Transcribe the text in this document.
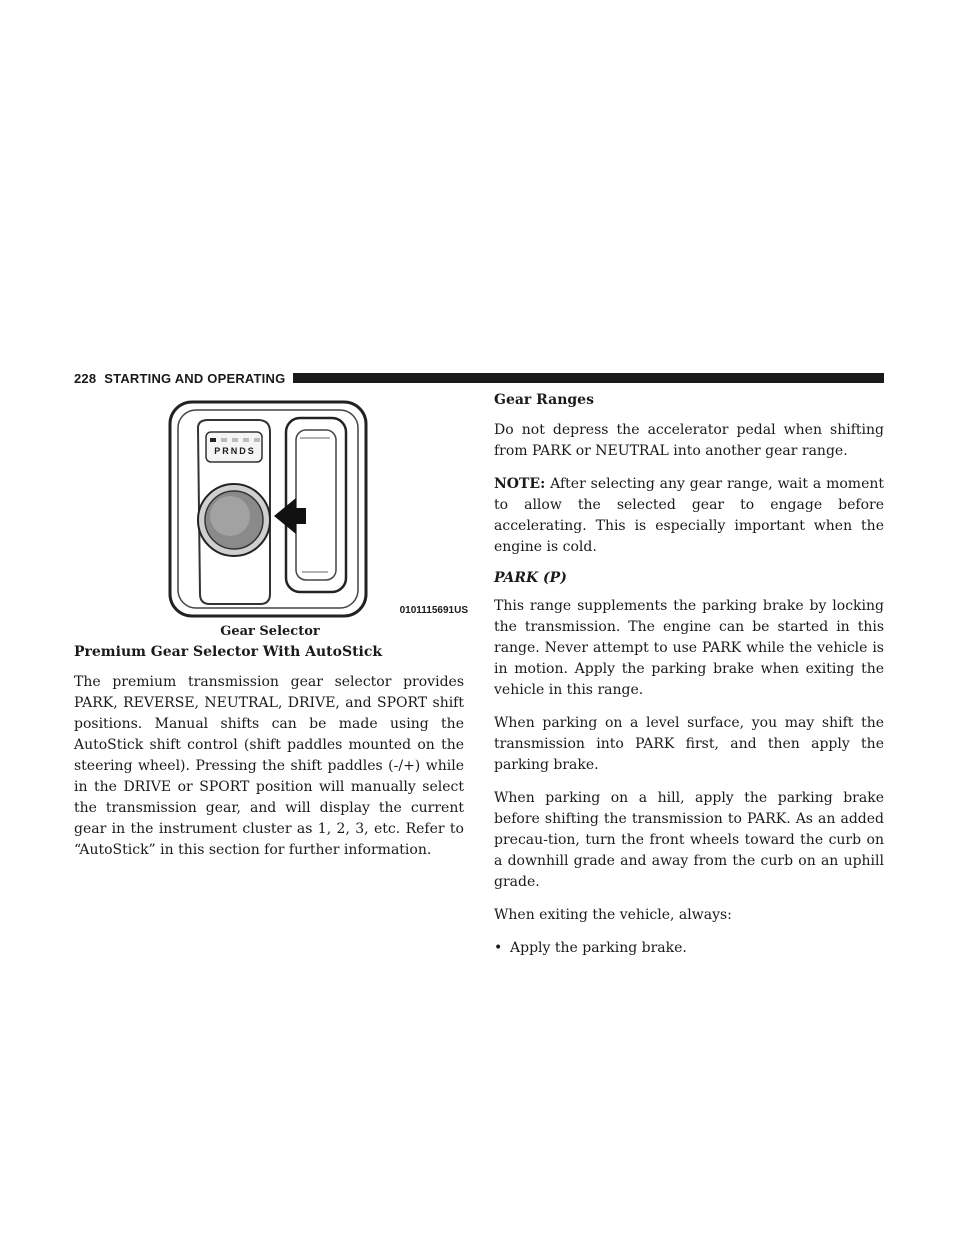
228 STARTING AND OPERATING
PRNDS
0101115691US
Gear Selector
Premium Gear Selector With AutoStick

The premium transmission gear selector provides PARK, REVERSE, NEUTRAL, DRIVE, and SPORT shift positions. Manual shifts can be made using the AutoStick shift control (shift paddles mounted on the steering wheel). Pressing the shift paddles (-/+) while in the DRIVE or SPORT position will manually select the transmission gear, and will display the current gear in the instrument cluster as 1, 2, 3, etc. Refer to “AutoStick” in this section for further information.

Gear Ranges

Do not depress the accelerator pedal when shifting from PARK or NEUTRAL into another gear range.

NOTE: After selecting any gear range, wait a moment to allow the selected gear to engage before accelerating. This is especially important when the engine is cold.

PARK (P)

This range supplements the parking brake by locking the transmission. The engine can be started in this range. Never attempt to use PARK while the vehicle is in motion. Apply the parking brake when exiting the vehicle in this range.

When parking on a level surface, you may shift the transmission into PARK first, and then apply the parking brake.

When parking on a hill, apply the parking brake before shifting the transmission to PARK. As an added precau-tion, turn the front wheels toward the curb on a downhill grade and away from the curb on an uphill grade.

When exiting the vehicle, always:

• Apply the parking brake.
